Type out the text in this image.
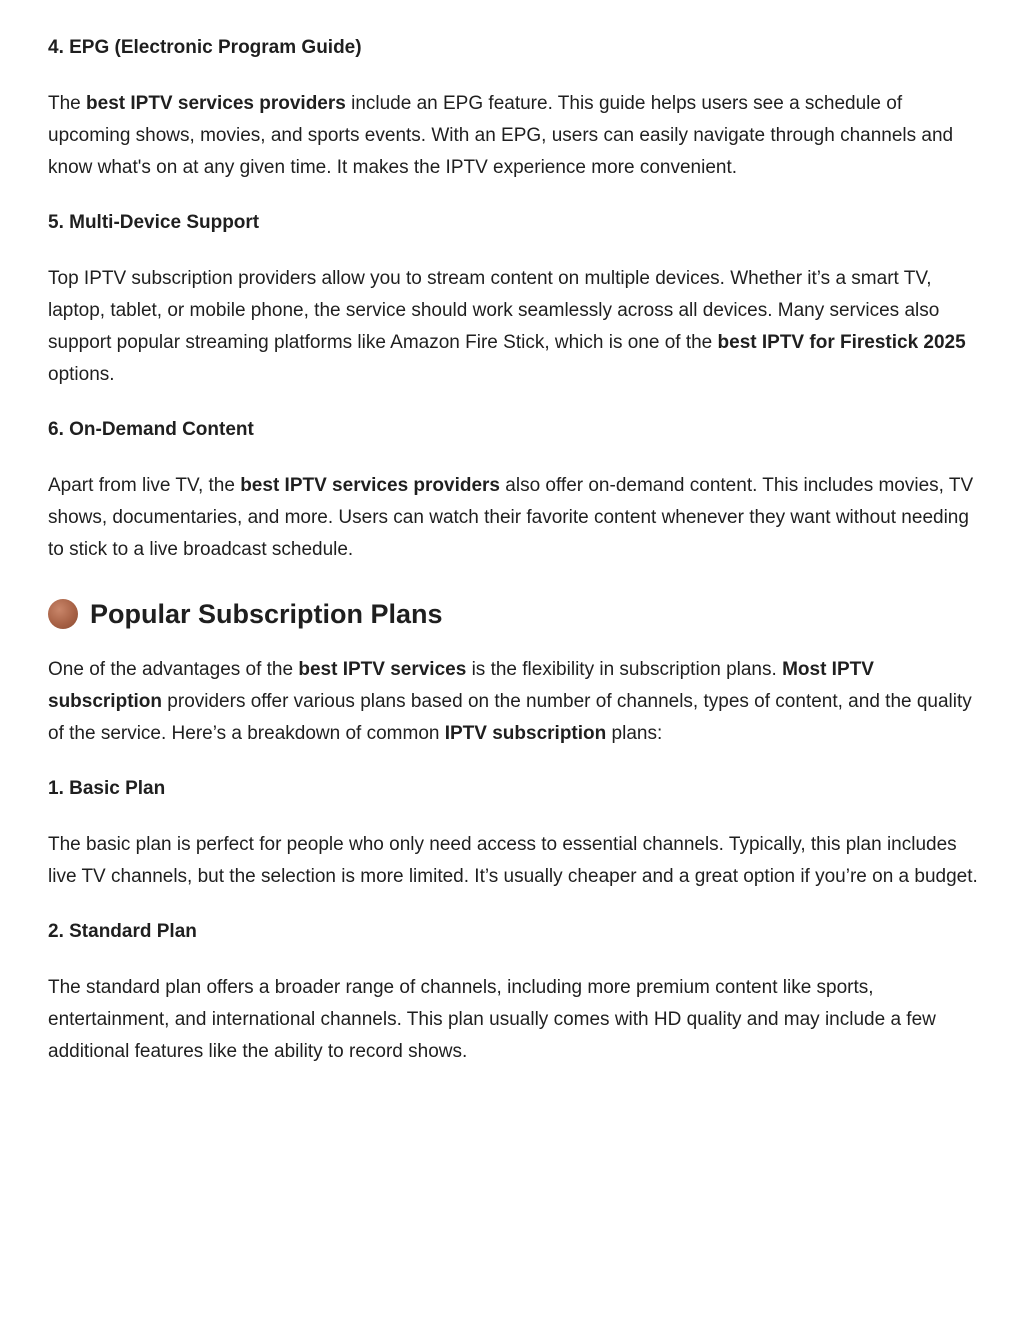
4. EPG (Electronic Program Guide)

The best IPTV services providers include an EPG feature. This guide helps users see a schedule of upcoming shows, movies, and sports events. With an EPG, users can easily navigate through channels and know what's on at any given time. It makes the IPTV experience more convenient.

5. Multi-Device Support

Top IPTV subscription providers allow you to stream content on multiple devices. Whether it’s a smart TV, laptop, tablet, or mobile phone, the service should work seamlessly across all devices. Many services also support popular streaming platforms like Amazon Fire Stick, which is one of the best IPTV for Firestick 2025 options.

6. On-Demand Content

Apart from live TV, the best IPTV services providers also offer on-demand content. This includes movies, TV shows, documentaries, and more. Users can watch their favorite content whenever they want without needing to stick to a live broadcast schedule.

Popular Subscription Plans

One of the advantages of the best IPTV services is the flexibility in subscription plans. Most IPTV subscription providers offer various plans based on the number of channels, types of content, and the quality of the service. Here’s a breakdown of common IPTV subscription plans:

1. Basic Plan

The basic plan is perfect for people who only need access to essential channels. Typically, this plan includes live TV channels, but the selection is more limited. It’s usually cheaper and a great option if you’re on a budget.

2. Standard Plan

The standard plan offers a broader range of channels, including more premium content like sports, entertainment, and international channels. This plan usually comes with HD quality and may include a few additional features like the ability to record shows.
